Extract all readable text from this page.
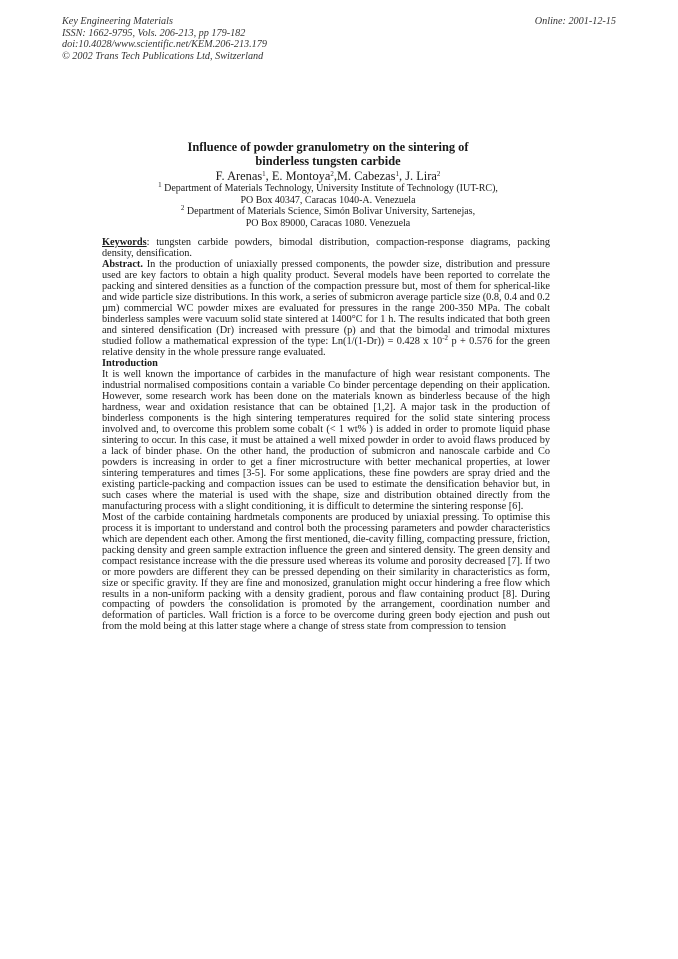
Key Engineering Materials
ISSN: 1662-9795, Vols. 206-213, pp 179-182
doi:10.4028/www.scientific.net/KEM.206-213.179
© 2002 Trans Tech Publications Ltd, Switzerland
Online: 2001-12-15
Influence of powder granulometry on the sintering of
binderless tungsten carbide
F. Arenas$^1$, E. Montoya$^2$,M. Cabezas$^1$, J. Lira$^2$
$^1$ Department of Materials Technology, University Institute of Technology (IUT-RC),
PO Box 40347, Caracas 1040-A. Venezuela
$^2$ Department of Materials Science, Simón Bolivar University, Sartenejas,
PO Box 89000, Caracas 1080. Venezuela

Keywords: tungsten carbide powders, bimodal distribution, compaction-response diagrams, packing density, densification.

Abstract. In the production of uniaxially pressed components, the powder size, distribution and pressure used are key factors to obtain a high quality product. Several models have been reported to correlate the packing and sintered densities as a function of the compaction pressure but, most of them for spherical-like and wide particle size distributions. In this work, a series of submicron average particle size (0.8, 0.4 and 0.2 µm) commercial WC powder mixes are evaluated for pressures in the range 200-350 MPa. The cobalt binderless samples were vacuum solid state sintered at 1400°C for 1 h. The results indicated that both green and sintered densification (Dr) increased with pressure (p) and that the bimodal and trimodal mixtures studied follow a mathematical expression of the type: Ln(1/(1-Dr)) = 0.428 x $10^{-2}$ p + 0.576 for the green relative density in the whole pressure range evaluated.

Introduction

It is well known the importance of carbides in the manufacture of high wear resistant components. The industrial normalised compositions contain a variable Co binder percentage depending on their application. However, some research work has been done on the materials known as binderless because of the high hardness, wear and oxidation resistance that can be obtained [1,2]. A major task in the production of binderless components is the high sintering temperatures required for the solid state sintering process involved and, to overcome this problem some cobalt (< 1 wt% ) is added in order to promote liquid phase sintering to occur. In this case, it must be attained a well mixed powder in order to avoid flaws produced by a lack of binder phase. On the other hand, the production of submicron and nanoscale carbide and Co powders is increasing in order to get a finer microstructure with better mechanical properties, at lower sintering temperatures and times [3-5]. For some applications, these fine powders are spray dried and the existing particle-packing and compaction issues can be used to estimate the densification behavior but, in such cases where the material is used with the shape, size and distribution obtained directly from the manufacturing process with a slight conditioning, it is difficult to determine the sintering response [6].

Most of the carbide containing hardmetals components are produced by uniaxial pressing. To optimise this process it is important to understand and control both the processing parameters and powder characteristics which are dependent each other. Among the first mentioned, die-cavity filling, compacting pressure, friction, packing density and green sample extraction influence the green and sintered density. The green density and compact resistance increase with the die pressure used whereas its volume and porosity decreased [7]. If two or more powders are different they can be pressed depending on their similarity in characteristics as form, size or specific gravity. If they are fine and monosized, granulation might occur hindering a free flow which results in a non-uniform packing with a density gradient, porous and flaw containing product [8]. During compacting of powders the consolidation is promoted by the arrangement, coordination number and deformation of particles. Wall friction is a force to be overcome during green body ejection and push out from the mold being at this latter stage where a change of stress state from compression to tension
